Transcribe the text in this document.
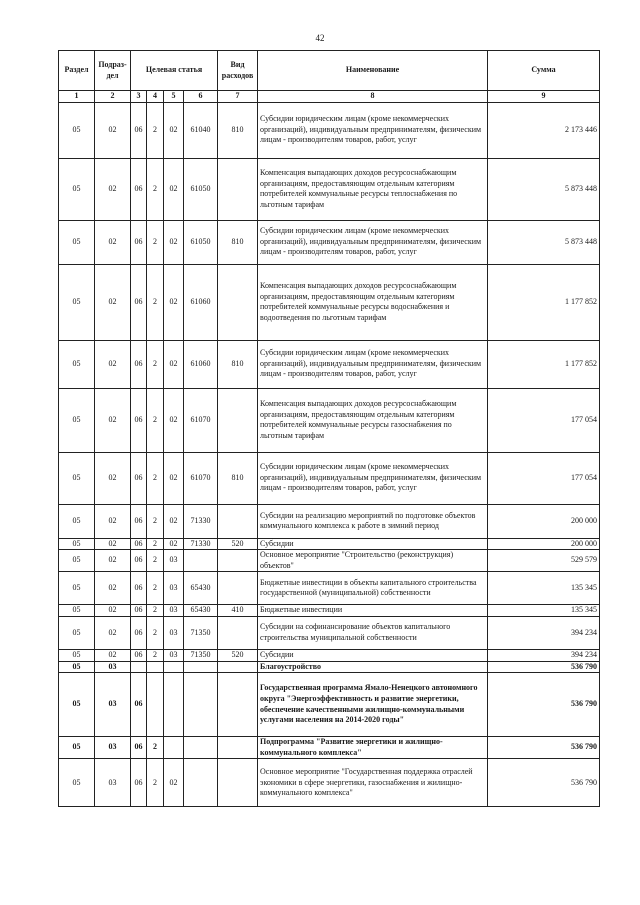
42
Раздел	Подраз-дел	Целевая статья				Вид расходов	Наименование	Сумма
1	2	3	4	5	6	7	8	9
05	02	06	2	02	61040	810	Субсидии юридическим лицам (кроме некоммерческих организаций), индивидуальным предпринимателям, физическим лицам - производителям товаров, работ, услуг	2 173 446
05	02	06	2	02	61050		Компенсация выпадающих доходов ресурсоснабжающим организациям, предоставляющим отдельным категориям потребителей коммунальные ресурсы теплоснабжения по льготным тарифам	5 873 448
05	02	06	2	02	61050	810	Субсидии юридическим лицам (кроме некоммерческих организаций), индивидуальным предпринимателям, физическим лицам - производителям товаров, работ, услуг	5 873 448
05	02	06	2	02	61060		Компенсация выпадающих доходов ресурсоснабжающим организациям, предоставляющим отдельным категориям потребителей коммунальные ресурсы водоснабжения и водоотведения по льготным тарифам	1 177 852
05	02	06	2	02	61060	810	Субсидии юридическим лицам (кроме некоммерческих организаций), индивидуальным предпринимателям, физическим лицам - производителям товаров, работ, услуг	1 177 852
05	02	06	2	02	61070		Компенсация выпадающих доходов ресурсоснабжающим организациям, предоставляющим отдельным категориям потребителей коммунальные ресурсы газоснабжения по льготным тарифам	177 054
05	02	06	2	02	61070	810	Субсидии юридическим лицам (кроме некоммерческих организаций), индивидуальным предпринимателям, физическим лицам - производителям товаров, работ, услуг	177 054
05	02	06	2	02	71330		Субсидии на реализацию мероприятий по подготовке объектов коммунального комплекса к работе в зимний период	200 000
05	02	06	2	02	71330	520	Субсидии	200 000
05	02	06	2	03			Основное мероприятие "Строительство (реконструкция) объектов"	529 579
05	02	06	2	03	65430		Бюджетные инвестиции в объекты капитального строительства государственной (муниципальной) собственности	135 345
05	02	06	2	03	65430	410	Бюджетные инвестиции	135 345
05	02	06	2	03	71350		Субсидии на софинансирование объектов капитального строительства муниципальной собственности	394 234
05	02	06	2	03	71350	520	Субсидии	394 234
05	03						Благоустройство	536 790
05	03	06					Государственная программа Ямало-Ненецкого автономного округа "Энергоэффективность и развитие энергетики, обеспечение качественными жилищно-коммунальными услугами населения на 2014-2020 годы"	536 790
05	03	06	2				Подпрограмма "Развитие энергетики и жилищно-коммунального комплекса"	536 790
05	03	06	2	02			Основное мероприятие "Государственная поддержка отраслей экономики в сфере энергетики, газоснабжения и жилищно-коммунального комплекса"	536 790
